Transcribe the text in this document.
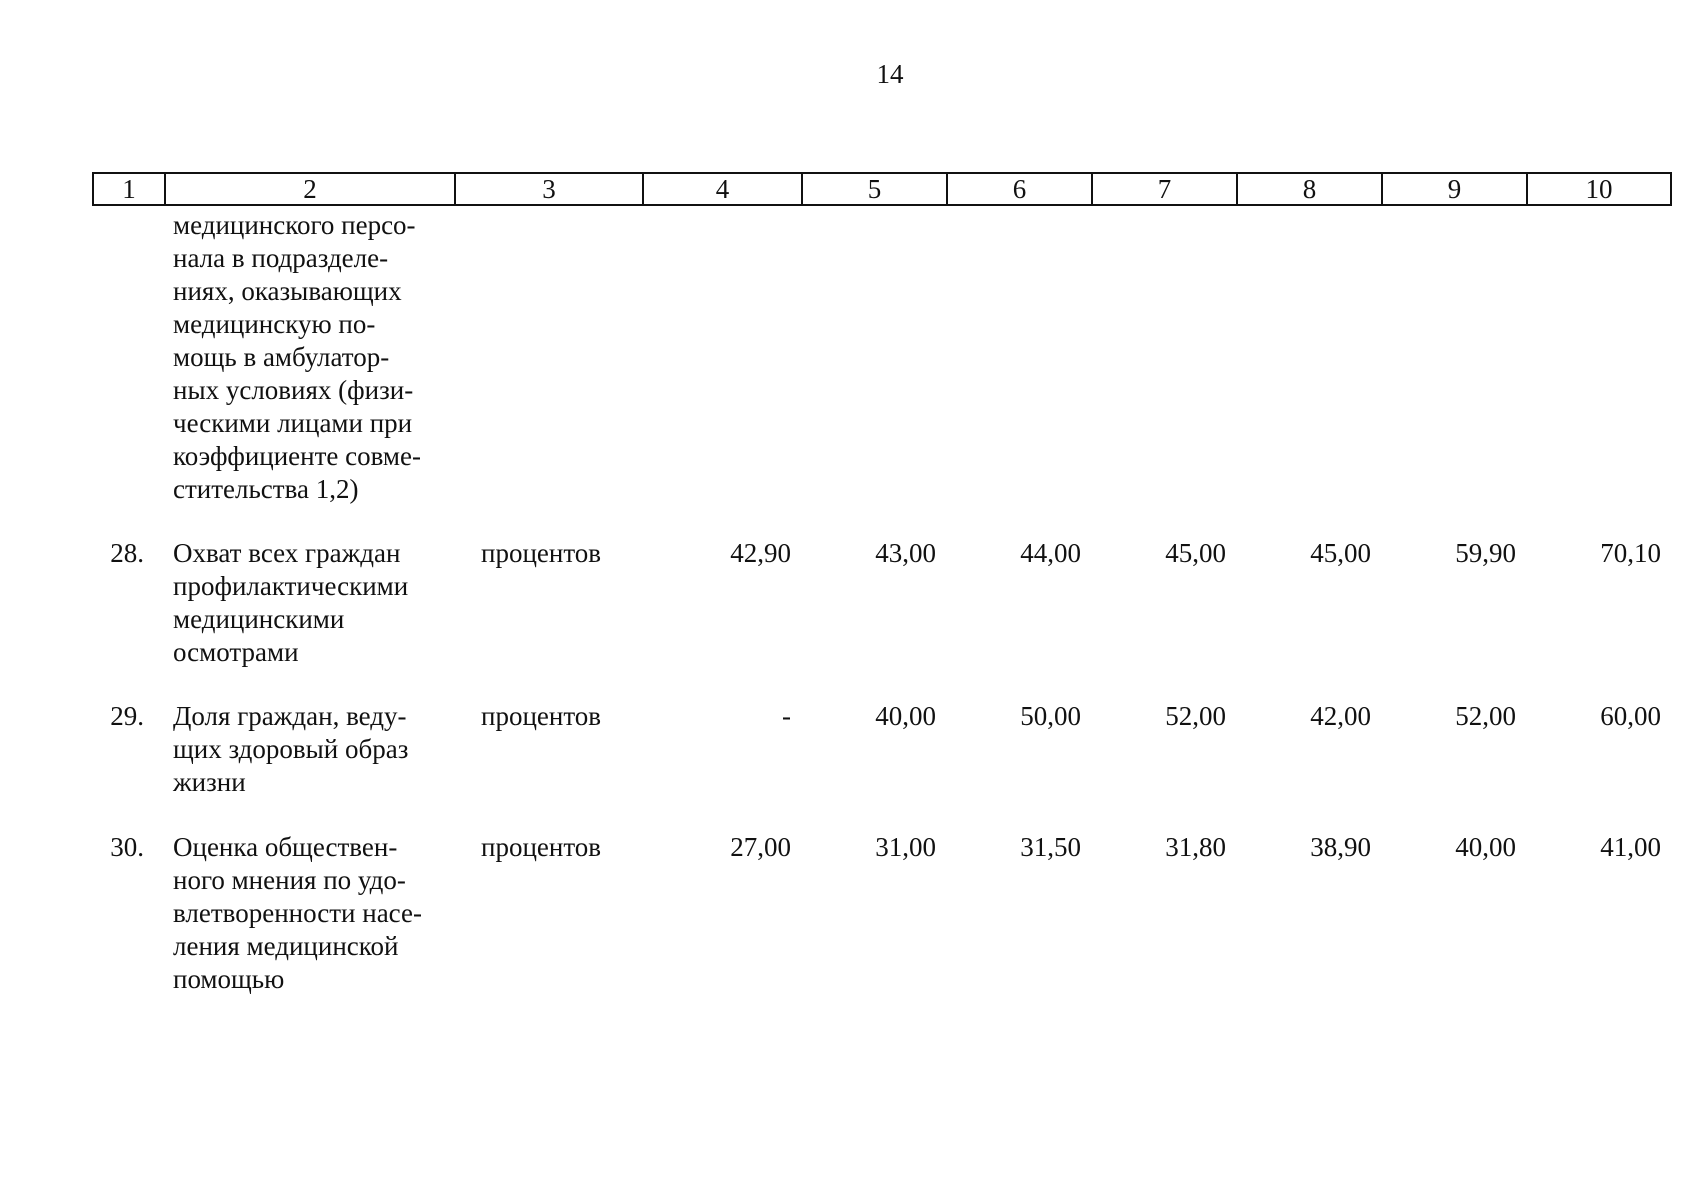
14
1	2	3	4	5	6	7	8	9	10
медицинского персо-
нала в подразделе-
ниях, оказывающих
медицинскую по-
мощь в амбулатор-
ных условиях (физи-
ческими лицами при
коэффициенте совме-
стительства 1,2)
28. Охват всех граждан
профилактическими
медицинскими
осмотрами
процентов	42,90	43,00	44,00	45,00	45,00	59,90	70,10
29. Доля граждан, веду-
щих здоровый образ
жизни
процентов	-	40,00	50,00	52,00	42,00	52,00	60,00
30. Оценка обществен-
ного мнения по удо-
влетворенности насе-
ления медицинской
помощью
процентов	27,00	31,00	31,50	31,80	38,90	40,00	41,00
